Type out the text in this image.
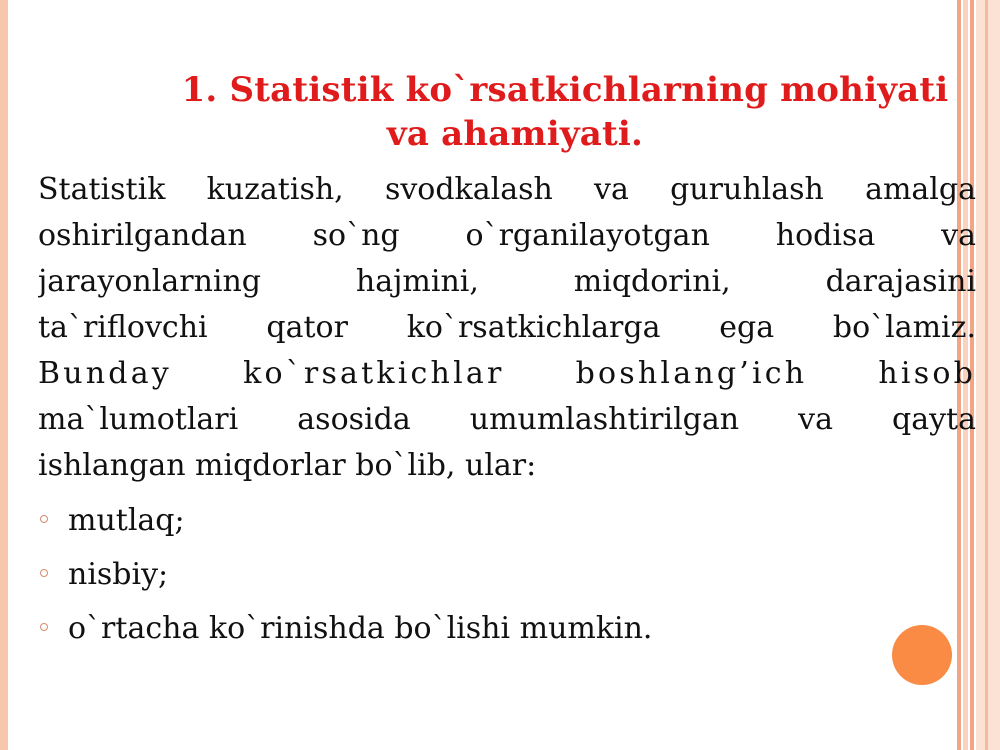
1. Statistik ko`rsatkichlarning mohiyati
va ahamiyati.
Statistik kuzatish, svodkalash va guruhlash amalga
oshirilgandan so`ng o`rganilayotgan hodisa va
jarayonlarning hajmini, miqdorini, darajasini
ta`riflovchi qator ko`rsatkichlarga ega bo`lamiz.
Bunday ko`rsatkichlar boshlang’ich hisob
ma`lumotlari asosida umumlashtirilgan va qayta
ishlangan miqdorlar bo`lib, ular:
mutlaq;
nisbiy;
o`rtacha ko`rinishda bo`lishi mumkin.
